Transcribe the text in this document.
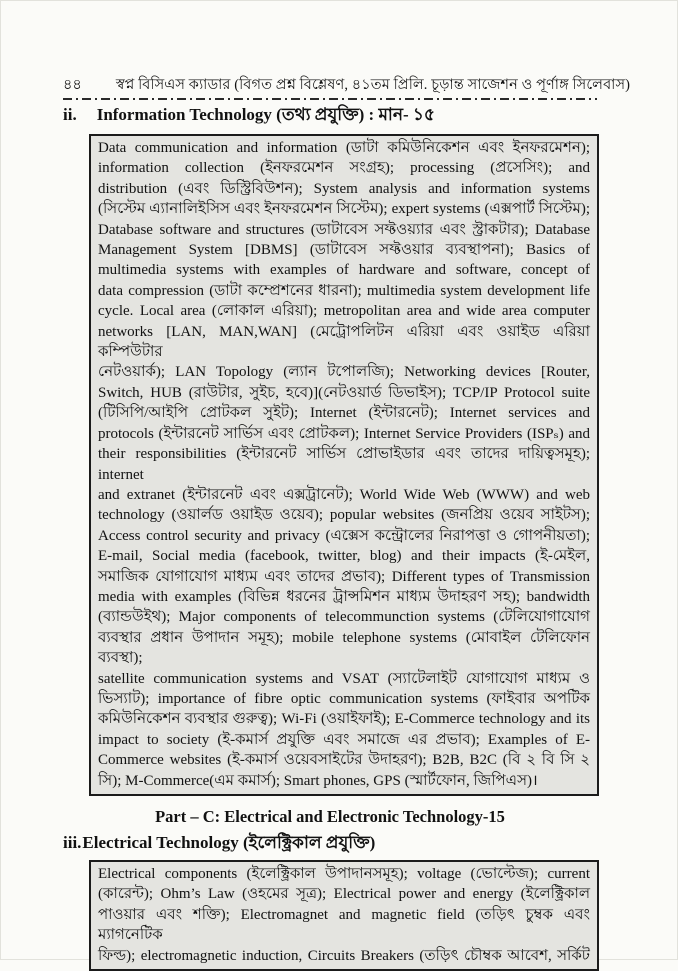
৪৪ স্বপ্ন বিসিএস ক্যাডার (বিগত প্রশ্ন বিশ্লেষণ, ৪১তম প্রিলি. চূড়ান্ত সাজেশন ও পূর্ণাঙ্গ সিলেবাস)
ii. Information Technology (তথ্য প্রযুক্তি) : মান- ১৫
Data communication and information (ডাটা কমিউনিকেশন এবং ইনফরমেশন);
information collection (ইনফরমেশন সংগ্রহ); processing (প্রসেসিং); and
distribution (এবং ডিস্ট্রিবিউশন); System analysis and information systems
(সিস্টেম এ্যানালিইসিস এবং ইনফরমেশন সিস্টেম); expert systems (এক্সপার্ট সিস্টেম);
Database software and structures (ডাটাবেস সফ্টওয়্যার এবং স্ট্রাকটার); Database
Management System [DBMS] (ডাটাবেস সফ্টওয়ার ব্যবস্থাপনা); Basics of
multimedia systems with examples of hardware and software, concept of
data compression (ডাটা কম্প্রেশনের ধারনা); multimedia system development life
cycle. Local area (লোকাল এরিয়া); metropolitan area and wide area computer
networks [LAN, MAN,WAN] (মেট্রোপলিটন এরিয়া এবং ওয়াইড এরিয়া কম্পিউটার
নেটওয়ার্ক); LAN Topology (ল্যান টপোলজি); Networking devices [Router,
Switch, HUB (রাউটার, সুইচ, হবে)](নেটওয়ার্ড ডিভাইস); TCP/IP Protocol suite
(টিসিপি/আইপি প্রোটকল সুইট); Internet (ইন্টারনেট); Internet services and
protocols (ইন্টারনেট সার্ভিস এবং প্রোটকল); Internet Service Providers (ISPₛ) and
their responsibilities (ইন্টারনেট সার্ভিস প্রোভাইডার এবং তাদের দায়িত্বসমূহ); internet
and extranet (ইন্টারনেট এবং এক্সট্রানেট); World Wide Web (WWW) and web
technology (ওয়ার্লড ওয়াইড ওয়েব); popular websites (জনপ্রিয় ওয়েব সাইটস);
Access control security and privacy (এক্সেস কন্ট্রোলের নিরাপত্তা ও গোপনীয়তা);
E-mail, Social media (facebook, twitter, blog) and their impacts (ই-মেইল,
সমাজিক যোগাযোগ মাধ্যম এবং তাদের প্রভাব); Different types of Transmission
media with examples (বিভিন্ন ধরনের ট্রান্সমিশন মাধ্যম উদাহরণ সহ); bandwidth
(ব্যান্ডউইথ); Major components of telecommunction systems (টেলিযোগাযোগ
ব্যবস্থার প্রধান উপাদান সমূহ); mobile telephone systems (মোবাইল টেলিফোন ব্যবস্থা);
satellite communication systems and VSAT (স্যাটেলাইট যোগাযোগ মাধ্যম ও
ভিস্যাট); importance of fibre optic communication systems (ফাইবার অপটিক
কমিউনিকেশন ব্যবস্থার গুরুত্ব); Wi-Fi (ওয়াইফাই); E-Commerce technology and its
impact to society (ই-কমার্স প্রযুক্তি এবং সমাজে এর প্রভাব); Examples of E-
Commerce websites (ই-কমার্স ওয়েবসাইটের উদাহরণ); B2B, B2C (বি ২ বি সি ২
সি); M-Commerce(এম কমার্স); Smart phones, GPS (স্মার্টফোন, জিপিএস)।
Part – C: Electrical and Electronic Technology-15
iii. Electrical Technology (ইলেক্ট্রিকাল প্রযুক্তি)
Electrical components (ইলেক্ট্রিকাল উপাদানসমূহ); voltage (ভোল্টেজ); current
(কারেন্ট); Ohm’s Law (ওহমের সূত্র); Electrical power and energy (ইলেক্ট্রিকাল
পাওয়ার এবং শক্তি); Electromagnet and magnetic field (তড়িৎ চুম্বক এবং ম্যাগনেটিক
ফিল্ড); electromagnetic induction, Circuits Breakers (তড়িৎ চৌম্বক আবেশ, সর্কিট
